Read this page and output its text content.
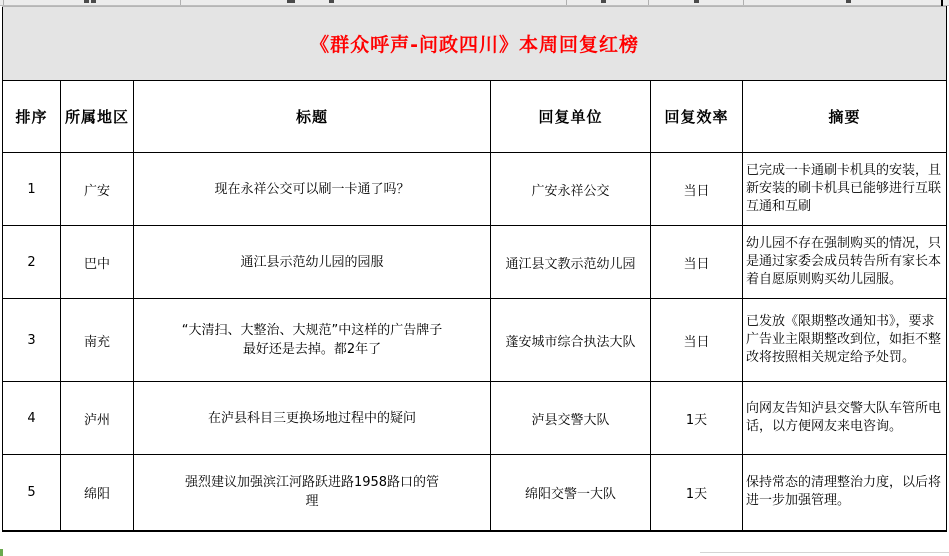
《群众呼声-问政四川》本周回复红榜					
排序	所属地区	标题	回复单位	回复效率	摘要
1	广安	现在永祥公交可以刷一卡通了吗？	广安永祥公交	当日	已完成一卡通刷卡机具的安装，且新安装的刷卡机具已能够进行互联互通和互刷
2	巴中	通江县示范幼儿园的园服	通江县文教示范幼儿园	当日	幼儿园不存在强制购买的情况，只是通过家委会成员转告所有家长本着自愿原则购买幼儿园服。
3	南充	“大清扫、大整治、大规范”中这样的广告牌子最好还是去掉。都2年了	蓬安城市综合执法大队	当日	已发放《限期整改通知书》，要求广告业主限期整改到位，如拒不整改将按照相关规定给予处罚。
4	泸州	在泸县科目三更换场地过程中的疑问	泸县交警大队	1天	向网友告知泸县交警大队车管所电话，以方便网友来电咨询。
5	绵阳	强烈建议加强滨江河路跃进路1958路口的管理	绵阳交警一大队	1天	保持常态的清理整治力度，以后将进一步加强管理。
